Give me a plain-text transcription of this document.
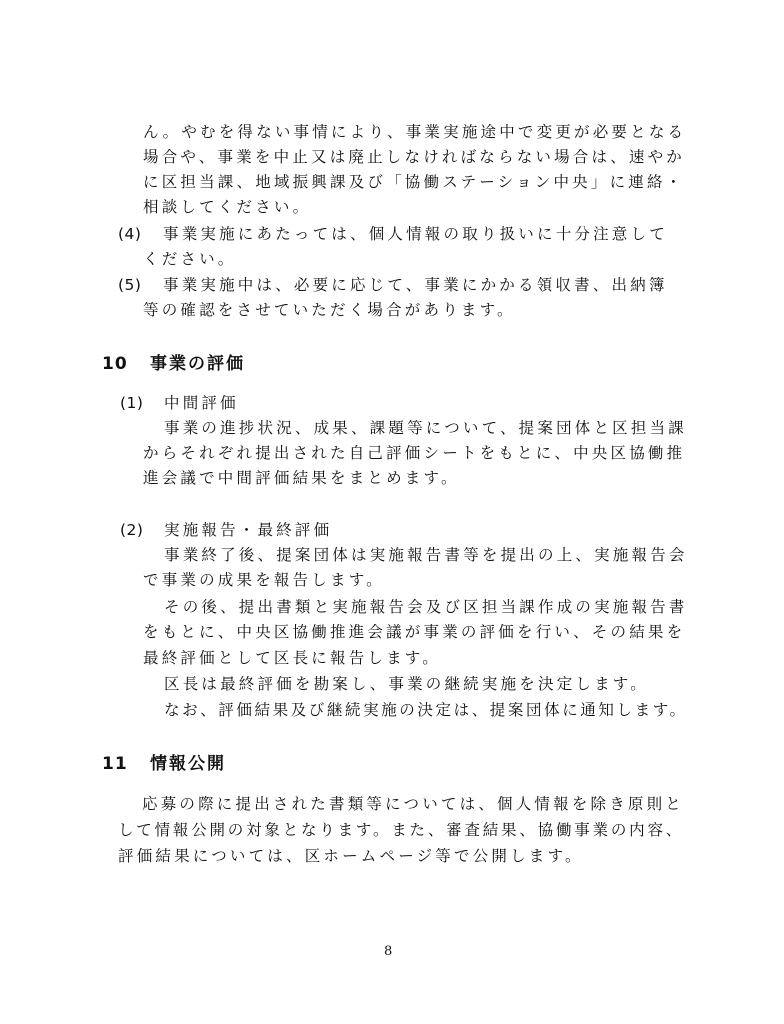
ん。やむを得ない事情により、事業実施途中で変更が必要となる
場合や、事業を中止又は廃止しなければならない場合は、速やか
に区担当課、地域振興課及び「協働ステーション中央」に連絡・
相談してください。
(4) 事業実施にあたっては、個人情報の取り扱いに十分注意して
ください。
(5) 事業実施中は、必要に応じて、事業にかかる領収書、出納簿
等の確認をさせていただく場合があります。
10 事業の評価
(1) 中間評価
事業の進捗状況、成果、課題等について、提案団体と区担当課
からそれぞれ提出された自己評価シートをもとに、中央区協働推
進会議で中間評価結果をまとめます。
(2) 実施報告・最終評価
事業終了後、提案団体は実施報告書等を提出の上、実施報告会
で事業の成果を報告します。
その後、提出書類と実施報告会及び区担当課作成の実施報告書
をもとに、中央区協働推進会議が事業の評価を行い、その結果を
最終評価として区長に報告します。
区長は最終評価を勘案し、事業の継続実施を決定します。
なお、評価結果及び継続実施の決定は、提案団体に通知します。
11 情報公開
応募の際に提出された書類等については、個人情報を除き原則と
して情報公開の対象となります。また、審査結果、協働事業の内容、
評価結果については、区ホームページ等で公開します。
8
